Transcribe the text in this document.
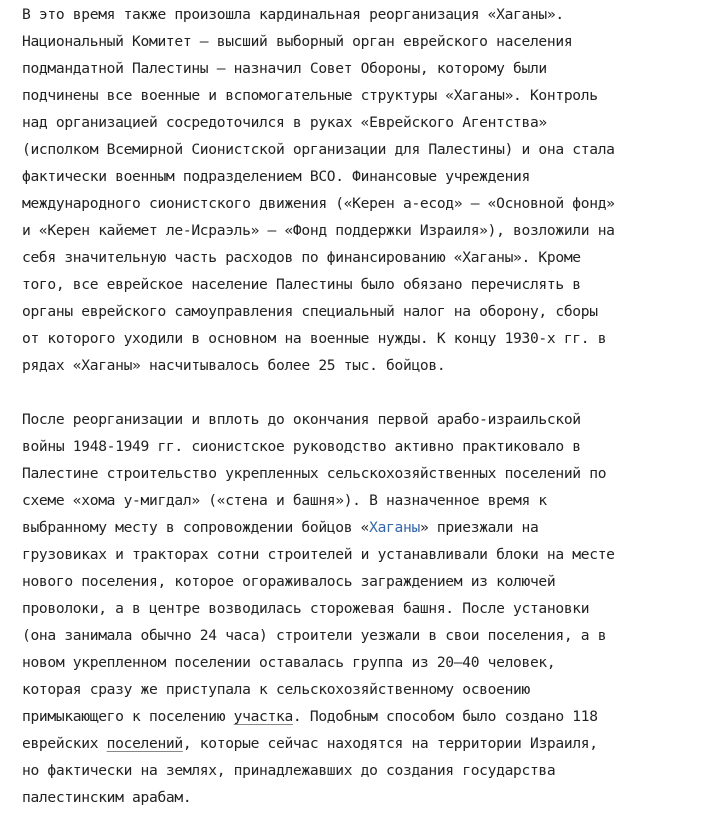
В это время также произошла кардинальная реорганизация «Хаганы».
Национальный Комитет — высший выборный орган еврейского населения
подмандатной Палестины — назначил Совет Обороны, которому были
подчинены все военные и вспомогательные структуры «Хаганы». Контроль
над организацией сосредоточился в руках «Еврейского Агентства»
(исполком Всемирной Сионистской организации для Палестины) и она стала
фактически военным подразделением ВСО. Финансовые учреждения
международного сионистского движения («Керен а-есод» – «Основной фонд»
и «Керен кайемет ле-Исраэль» – «Фонд поддержки Израиля»), возложили на
себя значительную часть расходов по финансированию «Хаганы». Кроме
того, все еврейское население Палестины было обязано перечислять в
органы еврейского самоуправления специальный налог на оборону, сборы
от которого уходили в основном на военные нужды. К концу 1930-х гг. в
рядах «Хаганы» насчитывалось более 25 тыс. бойцов.

После реорганизации и вплоть до окончания первой арабо-израильской
войны 1948-1949 гг. сионистское руководство активно практиковало в
Палестине строительство укрепленных сельскохозяйственных поселений по
схеме «хома у-мигдал» («стена и башня»). В назначенное время к
выбранному месту в сопровождении бойцов «Хаганы» приезжали на
грузовиках и тракторах сотни строителей и устанавливали блоки на месте
нового поселения, которое огораживалось заграждением из колючей
проволоки, а в центре возводилась сторожевая башня. После установки
(она занимала обычно 24 часа) строители уезжали в свои поселения, а в
новом укрепленном поселении оставалась группа из 20–40 человек,
которая сразу же приступала к сельскохозяйственному освоению
примыкающего к поселению участка. Подобным способом было создано 118
еврейских поселений, которые сейчас находятся на территории Израиля,
но фактически на землях, принадлежавших до создания государства
палестинским арабам.
